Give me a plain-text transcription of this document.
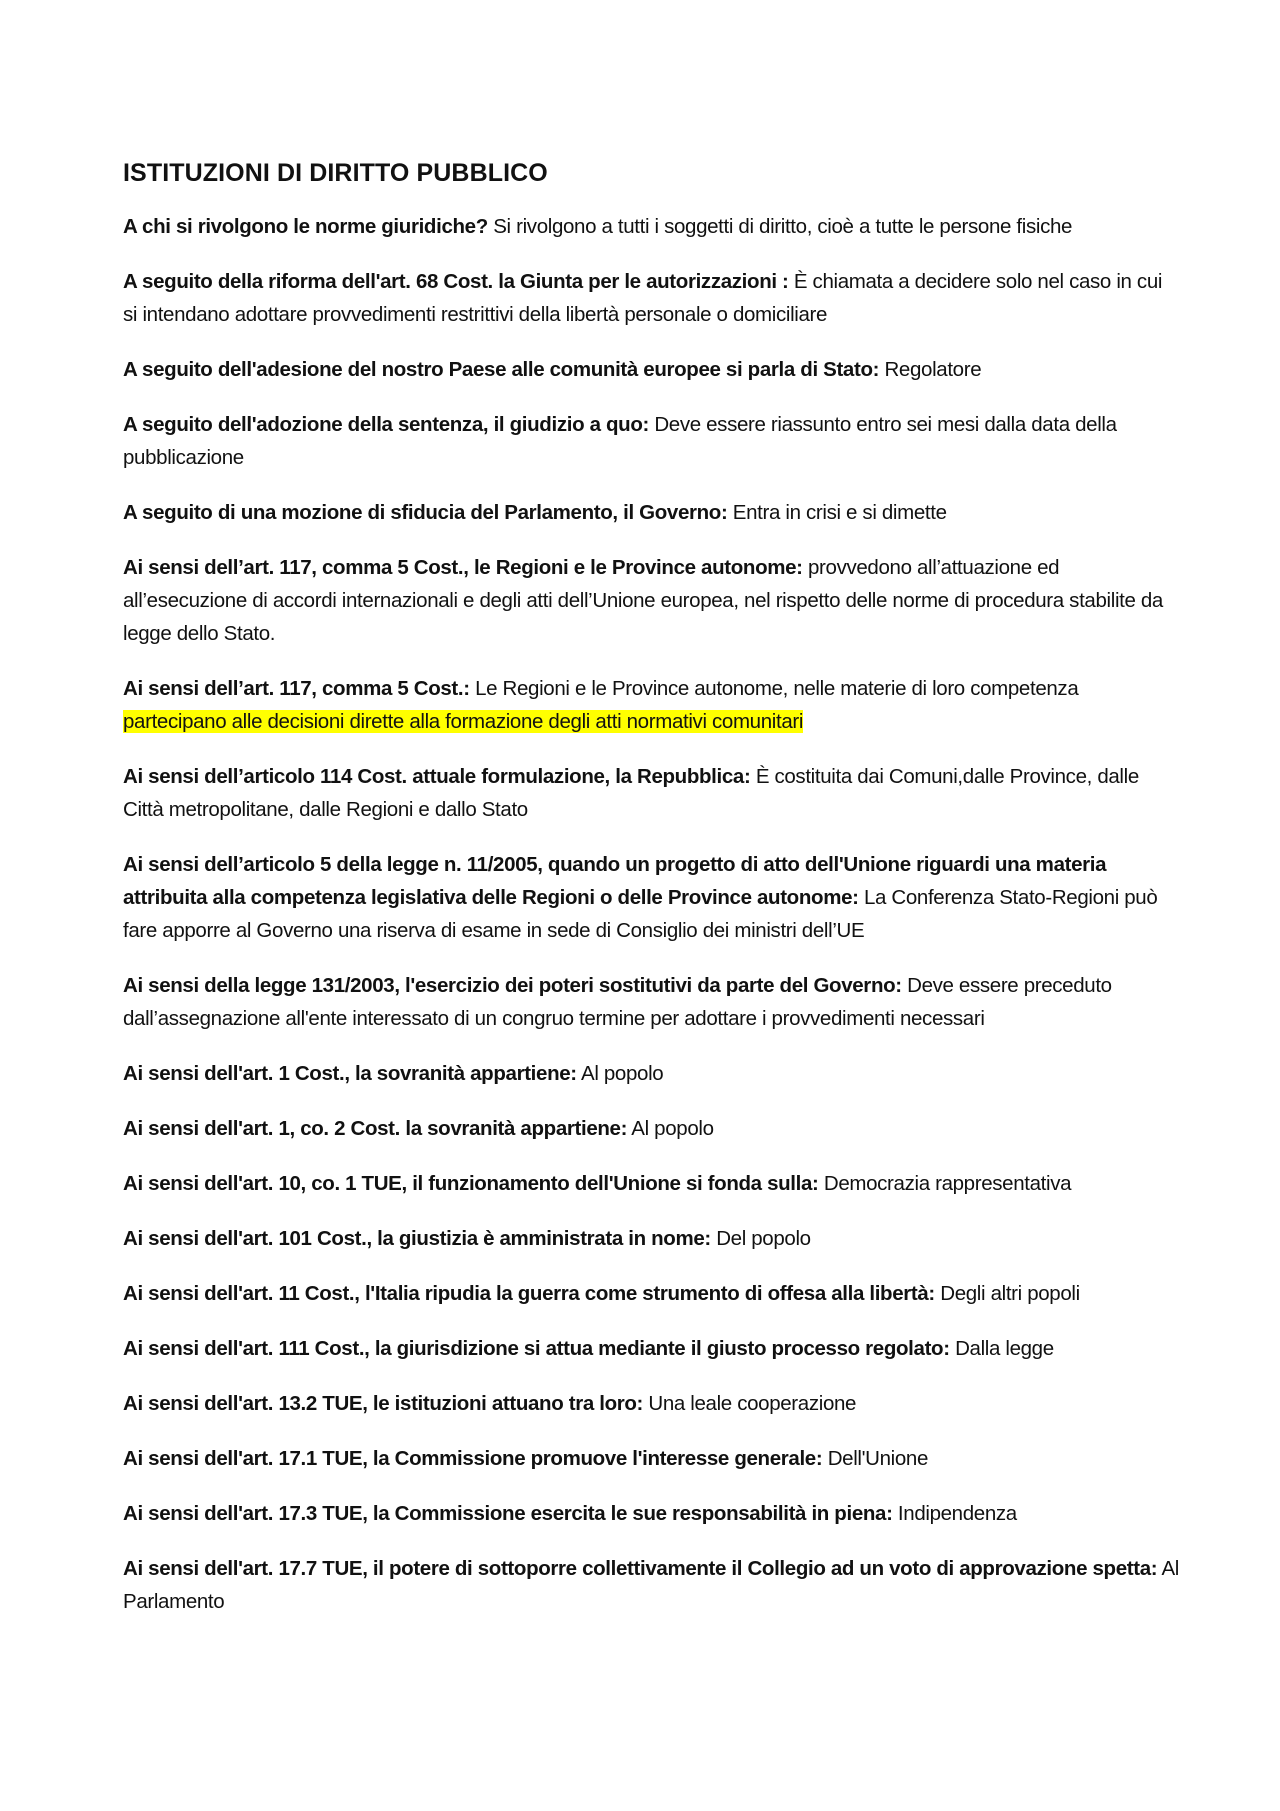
ISTITUZIONI DI DIRITTO PUBBLICO

A chi si rivolgono le norme giuridiche? Si rivolgono a tutti i soggetti di diritto, cioè a tutte le persone fisiche

A seguito della riforma dell'art. 68 Cost. la Giunta per le autorizzazioni : È chiamata a decidere solo nel caso in cui si intendano adottare provvedimenti restrittivi della libertà personale o domiciliare

A seguito dell'adesione del nostro Paese alle comunità europee si parla di Stato: Regolatore

A seguito dell'adozione della sentenza, il giudizio a quo: Deve essere riassunto entro sei mesi dalla data della pubblicazione

A seguito di una mozione di sfiducia del Parlamento, il Governo: Entra in crisi e si dimette

Ai sensi dell’art. 117, comma 5 Cost., le Regioni e le Province autonome: provvedono all’attuazione ed all’esecuzione di accordi internazionali e degli atti dell’Unione europea, nel rispetto delle norme di procedura stabilite da legge dello Stato.

Ai sensi dell’art. 117, comma 5 Cost.: Le Regioni e le Province autonome, nelle materie di loro competenza partecipano alle decisioni dirette alla formazione degli atti normativi comunitari

Ai sensi dell’articolo 114 Cost. attuale formulazione, la Repubblica: È costituita dai Comuni,dalle Province, dalle Città metropolitane, dalle Regioni e dallo Stato

Ai sensi dell’articolo 5 della legge n. 11/2005, quando un progetto di atto dell'Unione riguardi una materia attribuita alla competenza legislativa delle Regioni o delle Province autonome: La Conferenza Stato-Regioni può fare apporre al Governo una riserva di esame in sede di Consiglio dei ministri dell’UE

Ai sensi della legge 131/2003, l'esercizio dei poteri sostitutivi da parte del Governo: Deve essere preceduto dall’assegnazione all'ente interessato di un congruo termine per adottare i provvedimenti necessari

Ai sensi dell'art. 1 Cost., la sovranità appartiene: Al popolo

Ai sensi dell'art. 1, co. 2 Cost. la sovranità appartiene: Al popolo

Ai sensi dell'art. 10, co. 1 TUE, il funzionamento dell'Unione si fonda sulla: Democrazia rappresentativa

Ai sensi dell'art. 101 Cost., la giustizia è amministrata in nome: Del popolo

Ai sensi dell'art. 11 Cost., l'Italia ripudia la guerra come strumento di offesa alla libertà: Degli altri popoli

Ai sensi dell'art. 111 Cost., la giurisdizione si attua mediante il giusto processo regolato: Dalla legge

Ai sensi dell'art. 13.2 TUE, le istituzioni attuano tra loro: Una leale cooperazione

Ai sensi dell'art. 17.1 TUE, la Commissione promuove l'interesse generale: Dell'Unione

Ai sensi dell'art. 17.3 TUE, la Commissione esercita le sue responsabilità in piena: Indipendenza

Ai sensi dell'art. 17.7 TUE, il potere di sottoporre collettivamente il Collegio ad un voto di approvazione spetta: Al Parlamento
